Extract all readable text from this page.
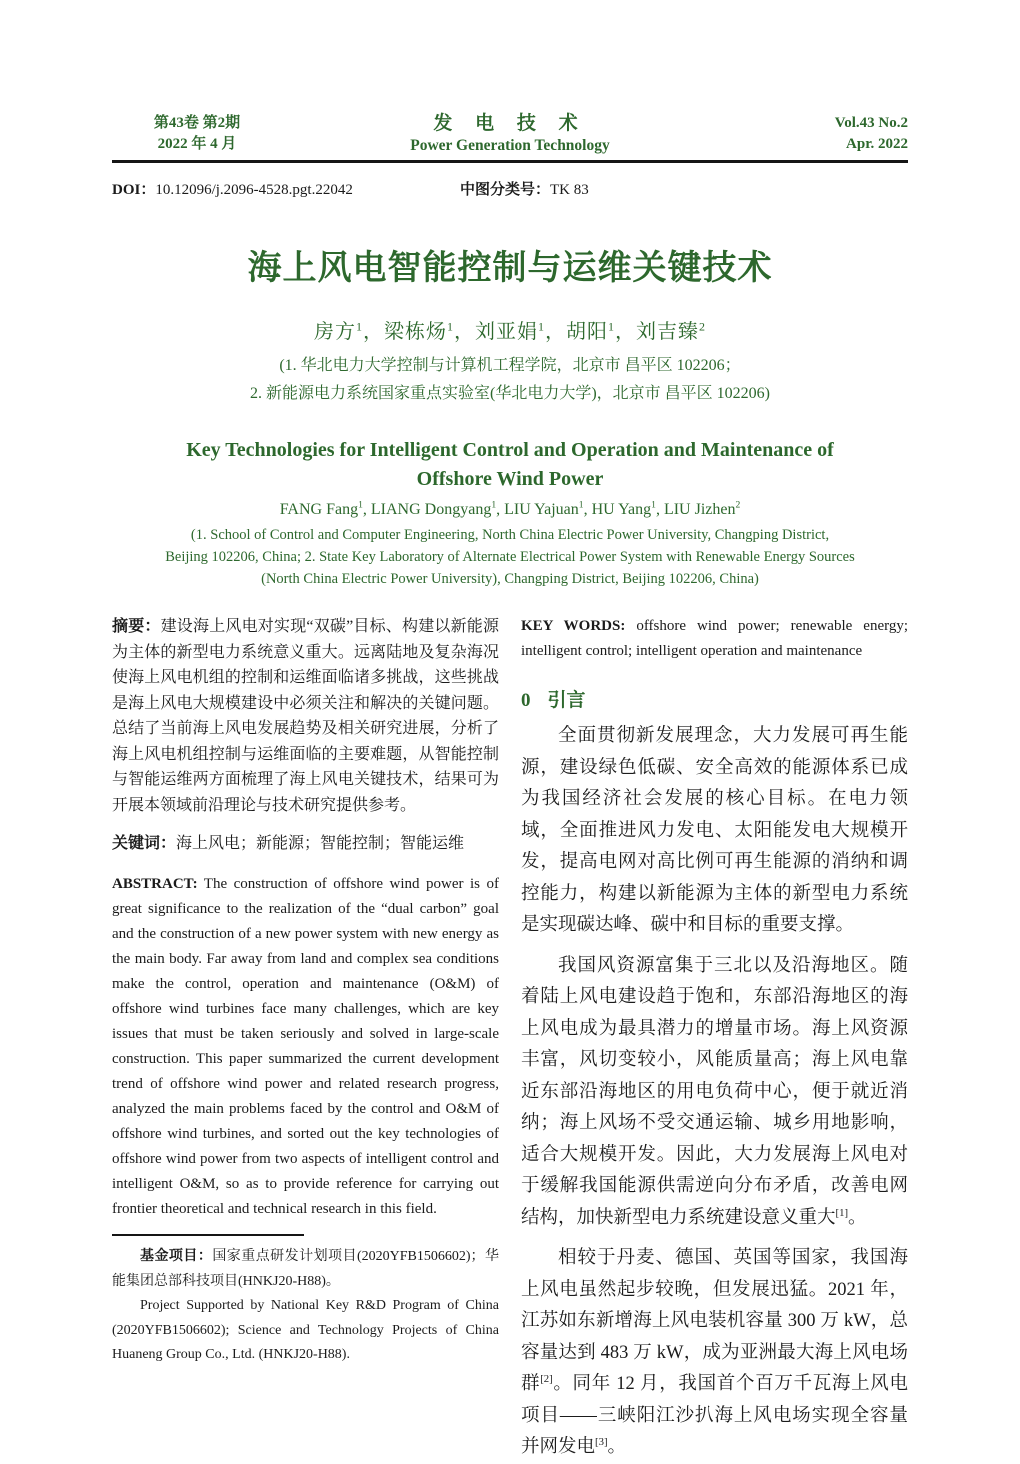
第43卷 第2期
2022 年 4 月
发 电 技 术
Power Generation Technology
Vol.43 No.2
Apr. 2022
DOI：10.12096/j.2096-4528.pgt.22042	中图分类号：TK 83
海上风电智能控制与运维关键技术
房方$^1$，梁栋炀$^1$，刘亚娟$^1$，胡阳$^1$，刘吉臻$^2$
(1. 华北电力大学控制与计算机工程学院，北京市 昌平区 102206；
2. 新能源电力系统国家重点实验室(华北电力大学)，北京市 昌平区 102206)
Key Technologies for Intelligent Control and Operation and Maintenance of
Offshore Wind Power
FANG Fang$^1$, LIANG Dongyang$^1$, LIU Yajuan$^1$, HU Yang$^1$, LIU Jizhen$^2$
(1. School of Control and Computer Engineering, North China Electric Power University, Changping District,
Beijing 102206, China; 2. State Key Laboratory of Alternate Electrical Power System with Renewable Energy Sources
(North China Electric Power University), Changping District, Beijing 102206, China)

摘要：建设海上风电对实现“双碳”目标、构建以新能源为主体的新型电力系统意义重大。远离陆地及复杂海况使海上风电机组的控制和运维面临诸多挑战，这些挑战是海上风电大规模建设中必须关注和解决的关键问题。总结了当前海上风电发展趋势及相关研究进展，分析了海上风电机组控制与运维面临的主要难题，从智能控制与智能运维两方面梳理了海上风电关键技术，结果可为开展本领域前沿理论与技术研究提供参考。

关键词：海上风电；新能源；智能控制；智能运维

ABSTRACT: The construction of offshore wind power is of great significance to the realization of the “dual carbon” goal and the construction of a new power system with new energy as the main body. Far away from land and complex sea conditions make the control, operation and maintenance (O&M) of offshore wind turbines face many challenges, which are key issues that must be taken seriously and solved in large-scale construction. This paper summarized the current development trend of offshore wind power and related research progress, analyzed the main problems faced by the control and O&M of offshore wind turbines, and sorted out the key technologies of offshore wind power from two aspects of intelligent control and intelligent O&M, so as to provide reference for carrying out frontier theoretical and technical research in this field.

基金项目：国家重点研发计划项目(2020YFB1506602)；华能集团总部科技项目(HNKJ20-H88)。

Project Supported by National Key R&D Program of China (2020YFB1506602); Science and Technology Projects of China Huaneng Group Co., Ltd. (HNKJ20-H88).

KEY WORDS: offshore wind power; renewable energy; intelligent control; intelligent operation and maintenance

0 引言

全面贯彻新发展理念，大力发展可再生能源，建设绿色低碳、安全高效的能源体系已成为我国经济社会发展的核心目标。在电力领域，全面推进风力发电、太阳能发电大规模开发，提高电网对高比例可再生能源的消纳和调控能力，构建以新能源为主体的新型电力系统是实现碳达峰、碳中和目标的重要支撑。

我国风资源富集于三北以及沿海地区。随着陆上风电建设趋于饱和，东部沿海地区的海上风电成为最具潜力的增量市场。海上风资源丰富，风切变较小，风能质量高；海上风电靠近东部沿海地区的用电负荷中心，便于就近消纳；海上风场不受交通运输、城乡用地影响，适合大规模开发。因此，大力发展海上风电对于缓解我国能源供需逆向分布矛盾，改善电网结构，加快新型电力系统建设意义重大[1]。

相较于丹麦、德国、英国等国家，我国海上风电虽然起步较晚，但发展迅猛。2021 年，江苏如东新增海上风电装机容量 300 万 kW，总容量达到 483 万 kW，成为亚洲最大海上风电场群[2]。同年 12 月，我国首个百万千瓦海上风电项目——三峡阳江沙扒海上风电场实现全容量并网发电[3]。
